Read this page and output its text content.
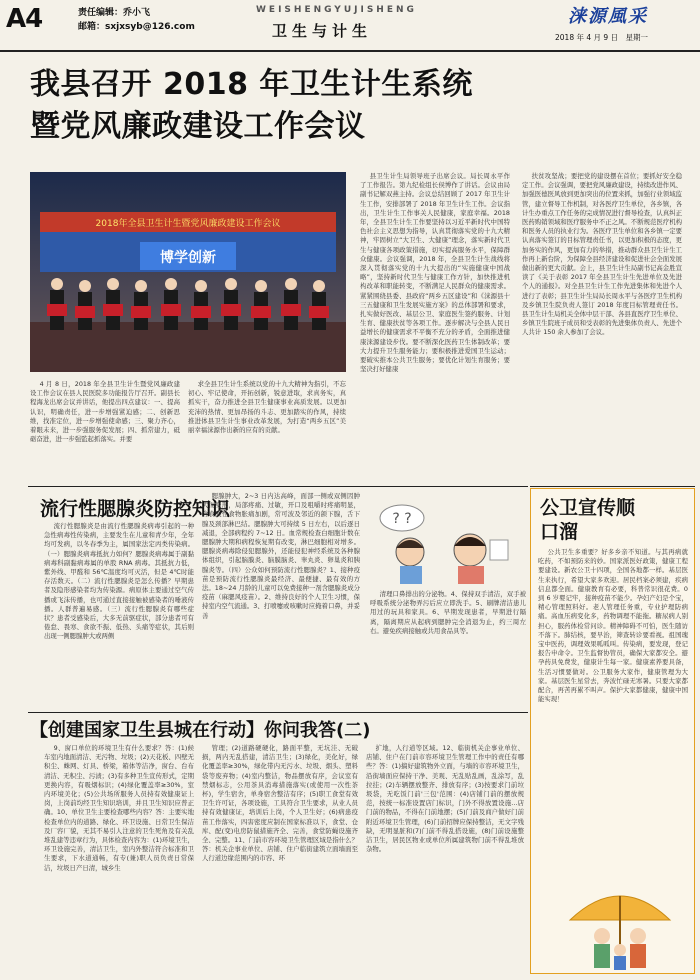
A4	责任编辑：乔小飞
邮箱：sxjxsyb@126.com
WEISHENGYUJISHENG
卫生与计生
涞源風采
2018 年 4 月 9 日　星期一
我县召开 2018 年卫生计生系统
暨党风廉政建设工作会议
2018年全县卫生计生暨党风廉政建设工作会议
博学创新

4 月 8 日，2018 年全县卫生计生暨党风廉政建设工作会议在县人民医院多功能报告厅召开。副县长程海龙出席会议并讲话，他提出四点建议：一、提高认识，明确责任，进一步增强紧迫感；二、创新思维，找准定位，进一步增强使命感；三、聚力齐心，着眼未来，进一步强服务促发展；四、抓常建力，砥砺奋进，进一步强監起抓落实。并要

求全县卫生计生系统以党的十九大精神为指引，不忘初心、牢记使命，开拓创新，锐意进取，求真务实，真抓实干，奋力推进全县卫生健康事业高质发展。以更加充沛的热情、更加昂扬的斗志、更加踏实的作风，持续推进体县卫生计生事业改革发展，为打造“两乡五区”美丽幸福涞源作出新的应有的贡献。

县卫生计生局领导班子出席会议。局长周永平作了工作报告。第九纪检组长侯博作了讲话。会议由局副书记解双燕主持。会议总结回顾了 2017 年卫生计生工作，安排部署了 2018 年卫生计生工作。会议指出，卫生计生工作事关人民健康，家庭幸福。2018 年，全县卫生计生工作要坚持以习近平新时代中国特色社会主义思想为指导，认真贯彻落实党的十九大精神，牢固树立“大卫生、大健康”理念，落实新时代卫生与健康各项政策措施，切实提高服务水平，保障群众健康。会议强调，2018 年，全县卫生计生战线将深入贯彻落实党的十九大提出的“实施健康中国战略”，坚持新时代卫生与健康工作方针，加快推进机构改革和职能转变，不断满足人民群众的健康需求。紧紧围绕县委、县政府“两乡五区建设”和《涞源县十三五健康和卫生发展实施方案》的总体部署和要求，扎实做好医改、基层公卫、家庭医生签约服务、计划生育、健康扶贫等各项工作。逐步解决与全县人民日益增长的健康需求不平衡不充分的矛盾，全面推进健康涞源建设步伐。要不断深化医药卫生体制改革；要大力提升卫生服务能力；要积极推进爱国卫生运动；要破实推本公共卫生服务；要优化计划生育服务；要坚决打好健康

扶贫攻坚战；要把党的建设摆在首位；要抓好安全稳定工作。会议强调，要把党风廉政建设，持续改进作风、加强医德医风放到更加突出的位置来抓，加强行业领域监管，建立督导工作机制，对各医疗卫生单位，各乡镇，各计生办重点工作任务的完成情况进行督导检查，认真纠正医药购销领域和医疗服务中不正之风。不断规范医疗机构和医务人员的执业行为。各医疗卫生单位和各乡镇一定要认真落实签订的目标管理责任书，以更加积极的态度，更加务实的作风，更加有力的举措，推动群众县卫生计生工作再上新台阶，为保障全县经济建设和促进社会全面发展做出新的更大贡献。会上，县卫生计生局副书记高金胜宣读了《关于表彰 2017 年全县卫生计生先进单位及先进个人的通报》。对全县卫生计生工作先进集体和先进个人进行了表彰；县卫生计生局局长周永平与各医疗卫生机构及乡镇卫生院负责人签订 2018 年度目标管理责任书。县卫生计生局机关全体中层干部、各县直医疗卫生单位、乡镇卫生院班子成员和受表彰的先进集体负责人、先进个人共计 150 余人参加了会议。

流行性腮腺炎防控知识

流行性腮腺炎是由流行性腮腺炎病毒引起的一种急性病毒性传染病，主要发生在儿童和青少年，全年均可发病，以冬春季为主，属国家法定丙类传染病。（一）腮腺炎病毒抵抗力如何？腮腺炎病毒属于副黏病毒科副黏病毒属的单股 RNA 病毒。其抵抗力低，紫外线、甲醛和 56℃温度均可灭活，但是 4℃时能存活数天。（二）流行性腮腺炎是怎么传播？早期患者及隐形感染者均为传染源。病原体主要通过空气传播或飞沫传播，也可通过直接接触被感染者的唾液传播。人群普遍易感。（三）流行性腮腺炎有哪些症状？患者受感染后，大多无前驱症状，部分患者可有倦怠、畏寒、食欲不振、低热、头痛等症状，其后则出现一侧腮腺肿大或两侧

腮腺肿大，2~3 日内达高峰，面部一侧或双侧因肿大而变形，局部疼痛、过敏，开口及咀嚼时疼痛明显，含食酸性食物胀痛加剧，常可波及邻近的颌下腺，舌下腺及颈部淋巴结。腮腺肿大可持续 5 日左右，以后逐日减退，全部病程约 7~12 日。血常规检查白细胞计数在腮腺肿大期和病程恢复期有改变，淋巴细胞相对增多。腮腺炎病毒除侵犯腮腺外，还能侵犯神经系统及各种腺体组织，引起脑膜炎、脑膜脑炎、睾丸炎、卵巢炎和胰腺炎等。（四）公众如何预防流行性腮腺炎？1、接种疫苗是预防流行性腮腺炎最经济、最便捷、最有效的方法。18~24 月龄的儿童可以免费接种一剂含腮腺炎成分疫苗（麻腮风疫苗）。2、维持良好的个人卫生习惯，保持室内空气流通。3、打喷嚏或咳嗽时应掩着口鼻，并妥善

? ?

清理口鼻排出的分泌物。4、保持双手清洁，双手被呼吸系统分泌物弄污后应立即洗手。5、刷牌清洁患儿用过的玩具和家具。6、早期发现患者，早期进行隔离，隔离期应从起病到腮肿完全消退为止，约三周左右。避免疾病接触或共用食品具等。

公卫宣传顺
口溜

公共卫生多重要？好多乡亲不知道。与其再病就吃药，不如预防来的妙。国家派医好政策，健康工程要建设。新农公卫十四项，全国各地都一样。基层医生来执行，希望大家多欢迎。居民档案必须建，疾病信息都全面。健康教育有必要，科普常识很花费。0 到 6 岁婴记牢，接种疫苗不能少。孕妇产妇是个宝，精心管理照料好。老人管理任务重，专业护理防病痛。高血压病变化多，药物调理不能拖。糖尿病人别担心，服药体检常问诊。精神障碍不可怕，医生随访不落下。肺结核，要早治，筛查转诊要看视。祖国瑰宝中医药，调理效果呱呱叫。传染病，要发现，登记报告申命令。卫生监督协管员，确保大家都安全。避孕药具免费发，健康计生每一家。健康素养要具备，生活习惯要做对。公卫服务大家作，健康管理为大家。基层医生星常去，奔波忙碌无寒暑。只要大家都配合，再苦再累不叫声。保护大家都健康，健康中国能实现！

【创建国家卫生县城在行动】你问我答(二)

9、窗口单位的环境卫生有什么要求？答：(1)候车室内地面清洁、无污物、垃圾；(2)天花板、四壁无积尘、蛛网、灯具、桥梁，箱体等洁净，窗台、台布清洁、无积尘、污渍；(3)有多种卫生宣传形式，定期更换内容，有吸烟标识；(4)绿化覆盖率≥30%，室内环境美化；(5)公共场所服务人员持有效健康证上岗，上岗前均经卫生知识培训，并且卫生知识应普正确。10、单位卫生主要检查哪些内容？答：主要实地检查单位内的道路、绿化、环卫设施、日常卫生保洁及厂容厂貌，无其不易引人注意的卫生死角及有关乱堆乱建等违章行为，具体检查内容为：(1)环境卫生，环卫设施完善，清洁卫生，室内外整洁符合标准和卫生要求，下水道通畅，有专(兼)职人员负责日常保洁，垃圾日产日清，城乡生

管理；(2)道路硬硬化，路面平整，无坑洼、无破损，两内无乱搭建，清洁卫生；(3)绿化，美化好，绿化覆盖率≥30%，绿化带内无污水、垃圾、烟头、塑料袋等废弃物；(4)室内整洁，物品摆放有序，会议室有禁烟标志，公用茶具消毒措施落实(或使用一次性茶杯)，学生宿舍，单身宿舍整洁有序；(5)职工食堂有效卫生许可证，各项设施，工具符合卫生要求，从业人员持有效健康证，培训后上岗，个人卫生好；(6)病患疫苗工作落实，四害密度应制在国家标准以下，食堂、仓库、配(变)电房防鼠措施齐全、完善，食堂防蝇设施齐全、完整。11、门前市容环境卫生管理区域是指什么？答：机关企事业单位、店铺、住户临街建筑立面墙面至人行道边缘范围内的市容、环

扩地，人行道等区域。12、临街机关企事业单位、店铺、住户在门前市容环境卫生管理工作中的责任有哪些？答：(1)搞好建筑物外立面，与墙的市容环境卫生，沿街墙面应保持干净、美观、无乱贴乱画，乱涂写，乱拉挂；(2)车辆摆放整齐、排放有序；(3)按要求门前垃圾袋，无吃饭门前'三包'范围：(4)店铺门前的摆放规范，按统一标准设置店门标识，门外不得放置设施...店门前的物品，不得在门前地摆；(5)门前及商户做好门前附近环境卫生管理，(6)门前招牌应保持整洁，无文字残缺，无明显脏和(7)门前不得乱搭设施，(8)门前设施整洁卫生，居民区物业或单位所属建筑物门前不得乱堆放杂物。
